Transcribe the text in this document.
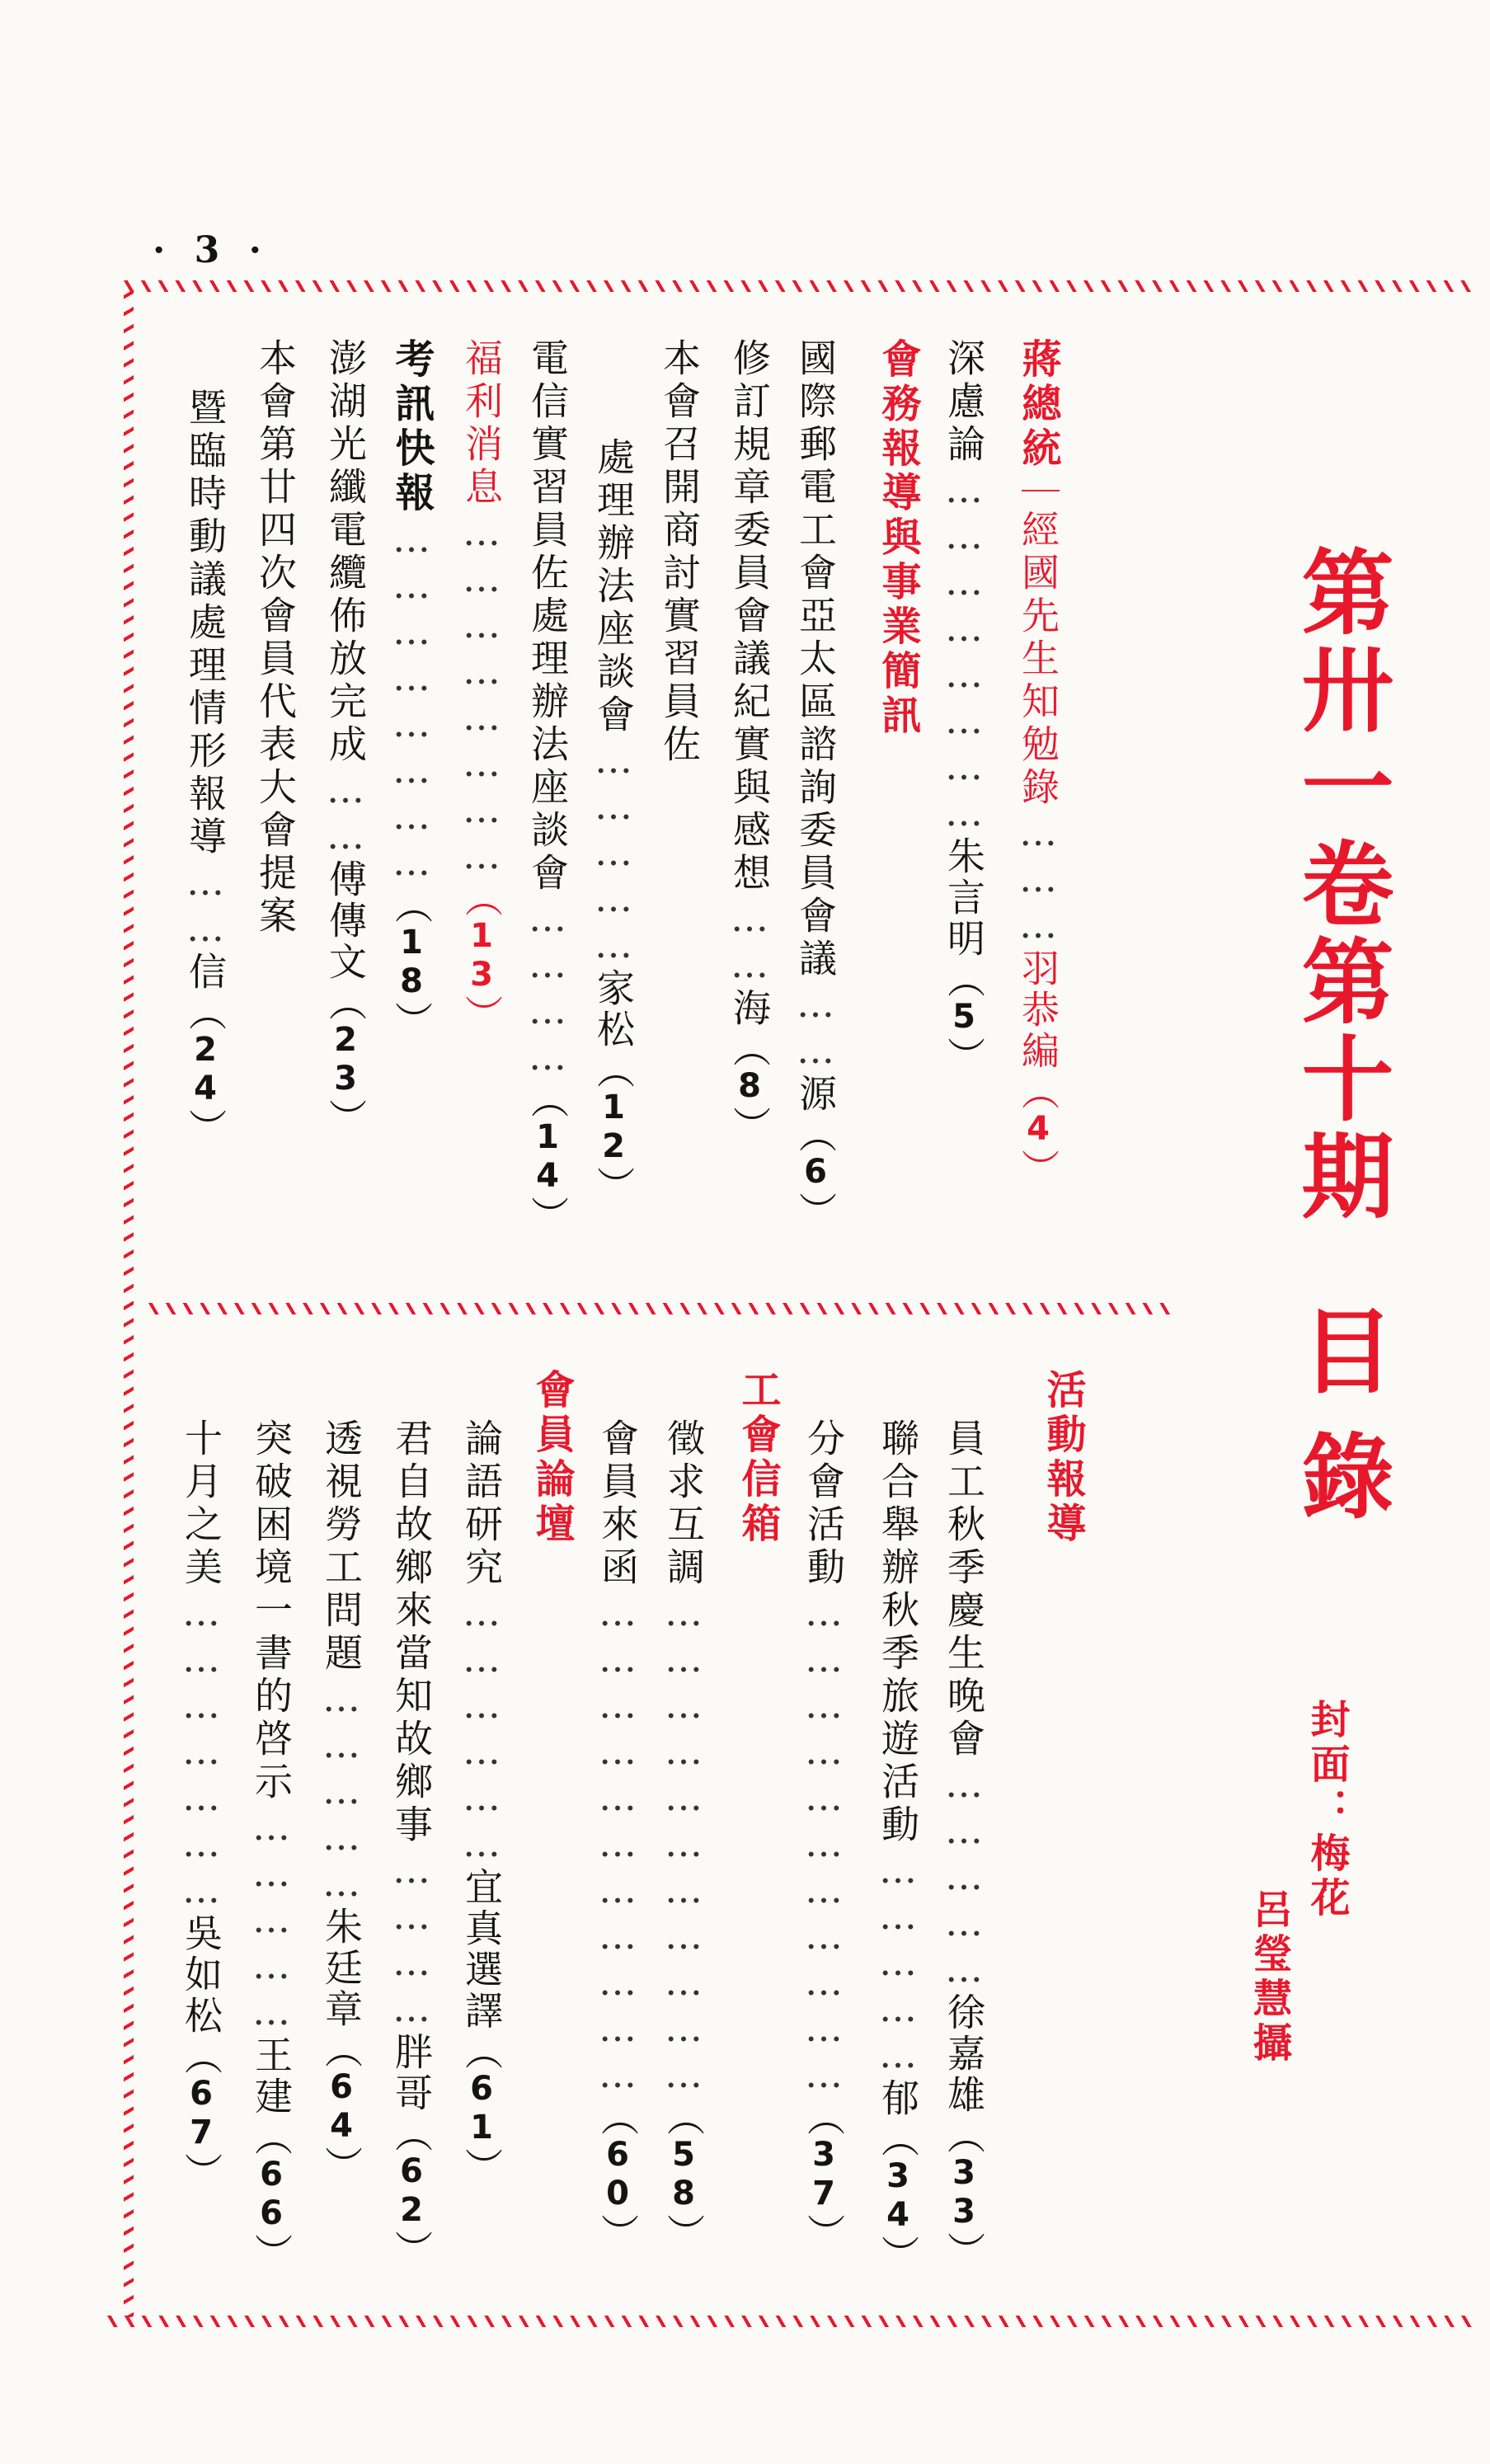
· 3 ·
第卅一卷第十期
目錄
封面：梅花
呂瑩慧攝
蔣總統｜經國先生知勉錄………羽恭編（4）
深慮論……………………朱言明（5）
會務報導與事業簡訊
國際郵電工會亞太區諮詢委員會議……源（6）
修訂規章委員會議紀實與感想……海（8）
本會召開商討實習員佐
處理辦法座談會……………家松（12）
電信實習員佐處理辦法座談會…………（14）
福利消息……………………（13）
考訊快報……………………（18）
澎湖光纖電纜佈放完成……傅傳文（23）
本會第廿四次會員代表大會提案
暨臨時動議處理情形報導……信（24）
活動報導
員工秋季慶生晚會……………徐嘉雄（33）
聯合舉辦秋季旅遊活動……………郁（34）
分會活動……………………………（37）
工會信箱
徵求互調……………………………（58）
會員來函……………………………（60）
會員論壇
論語研究………………宜真選譯（61）
君自故鄉來當知故鄉事…………胖哥（62）
透視勞工問題……………朱廷章（64）
突破困境一書的啓示……………王建（66）
十月之美…………………吳如松（67）
